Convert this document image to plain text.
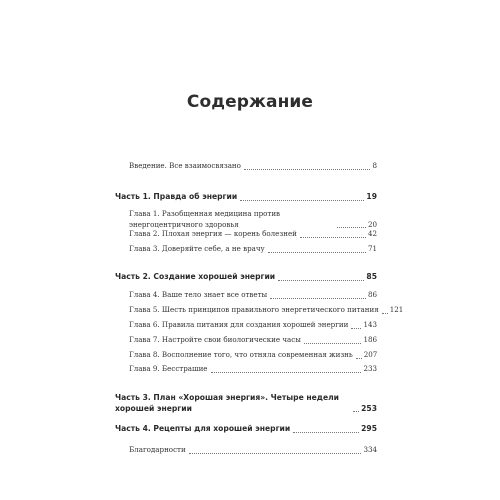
Содержание
Введение. Все взаимосвязано	8
Часть 1. Правда об энергии	19
Глава 1. Разобщенная медицина против энергоцентричного здоровья	20
Глава 2. Плохая энергия — корень болезней	42
Глава 3. Доверяйте себе, а не врачу	71
Часть 2. Создание хорошей энергии	85
Глава 4. Ваше тело знает все ответы	86
Глава 5. Шесть принципов правильного энергетического питания 121
Глава 6. Правила питания для создания хорошей энергии 143
Глава 7. Настройте свои биологические часы	186
Глава 8. Восполнение того, что отняла современная жизнь 207
Глава 9. Бесстрашие	233
Часть 3. План «Хорошая энергия». Четыре недели хорошей энергии	253
Часть 4. Рецепты для хорошей энергии	295
Благодарности	334
